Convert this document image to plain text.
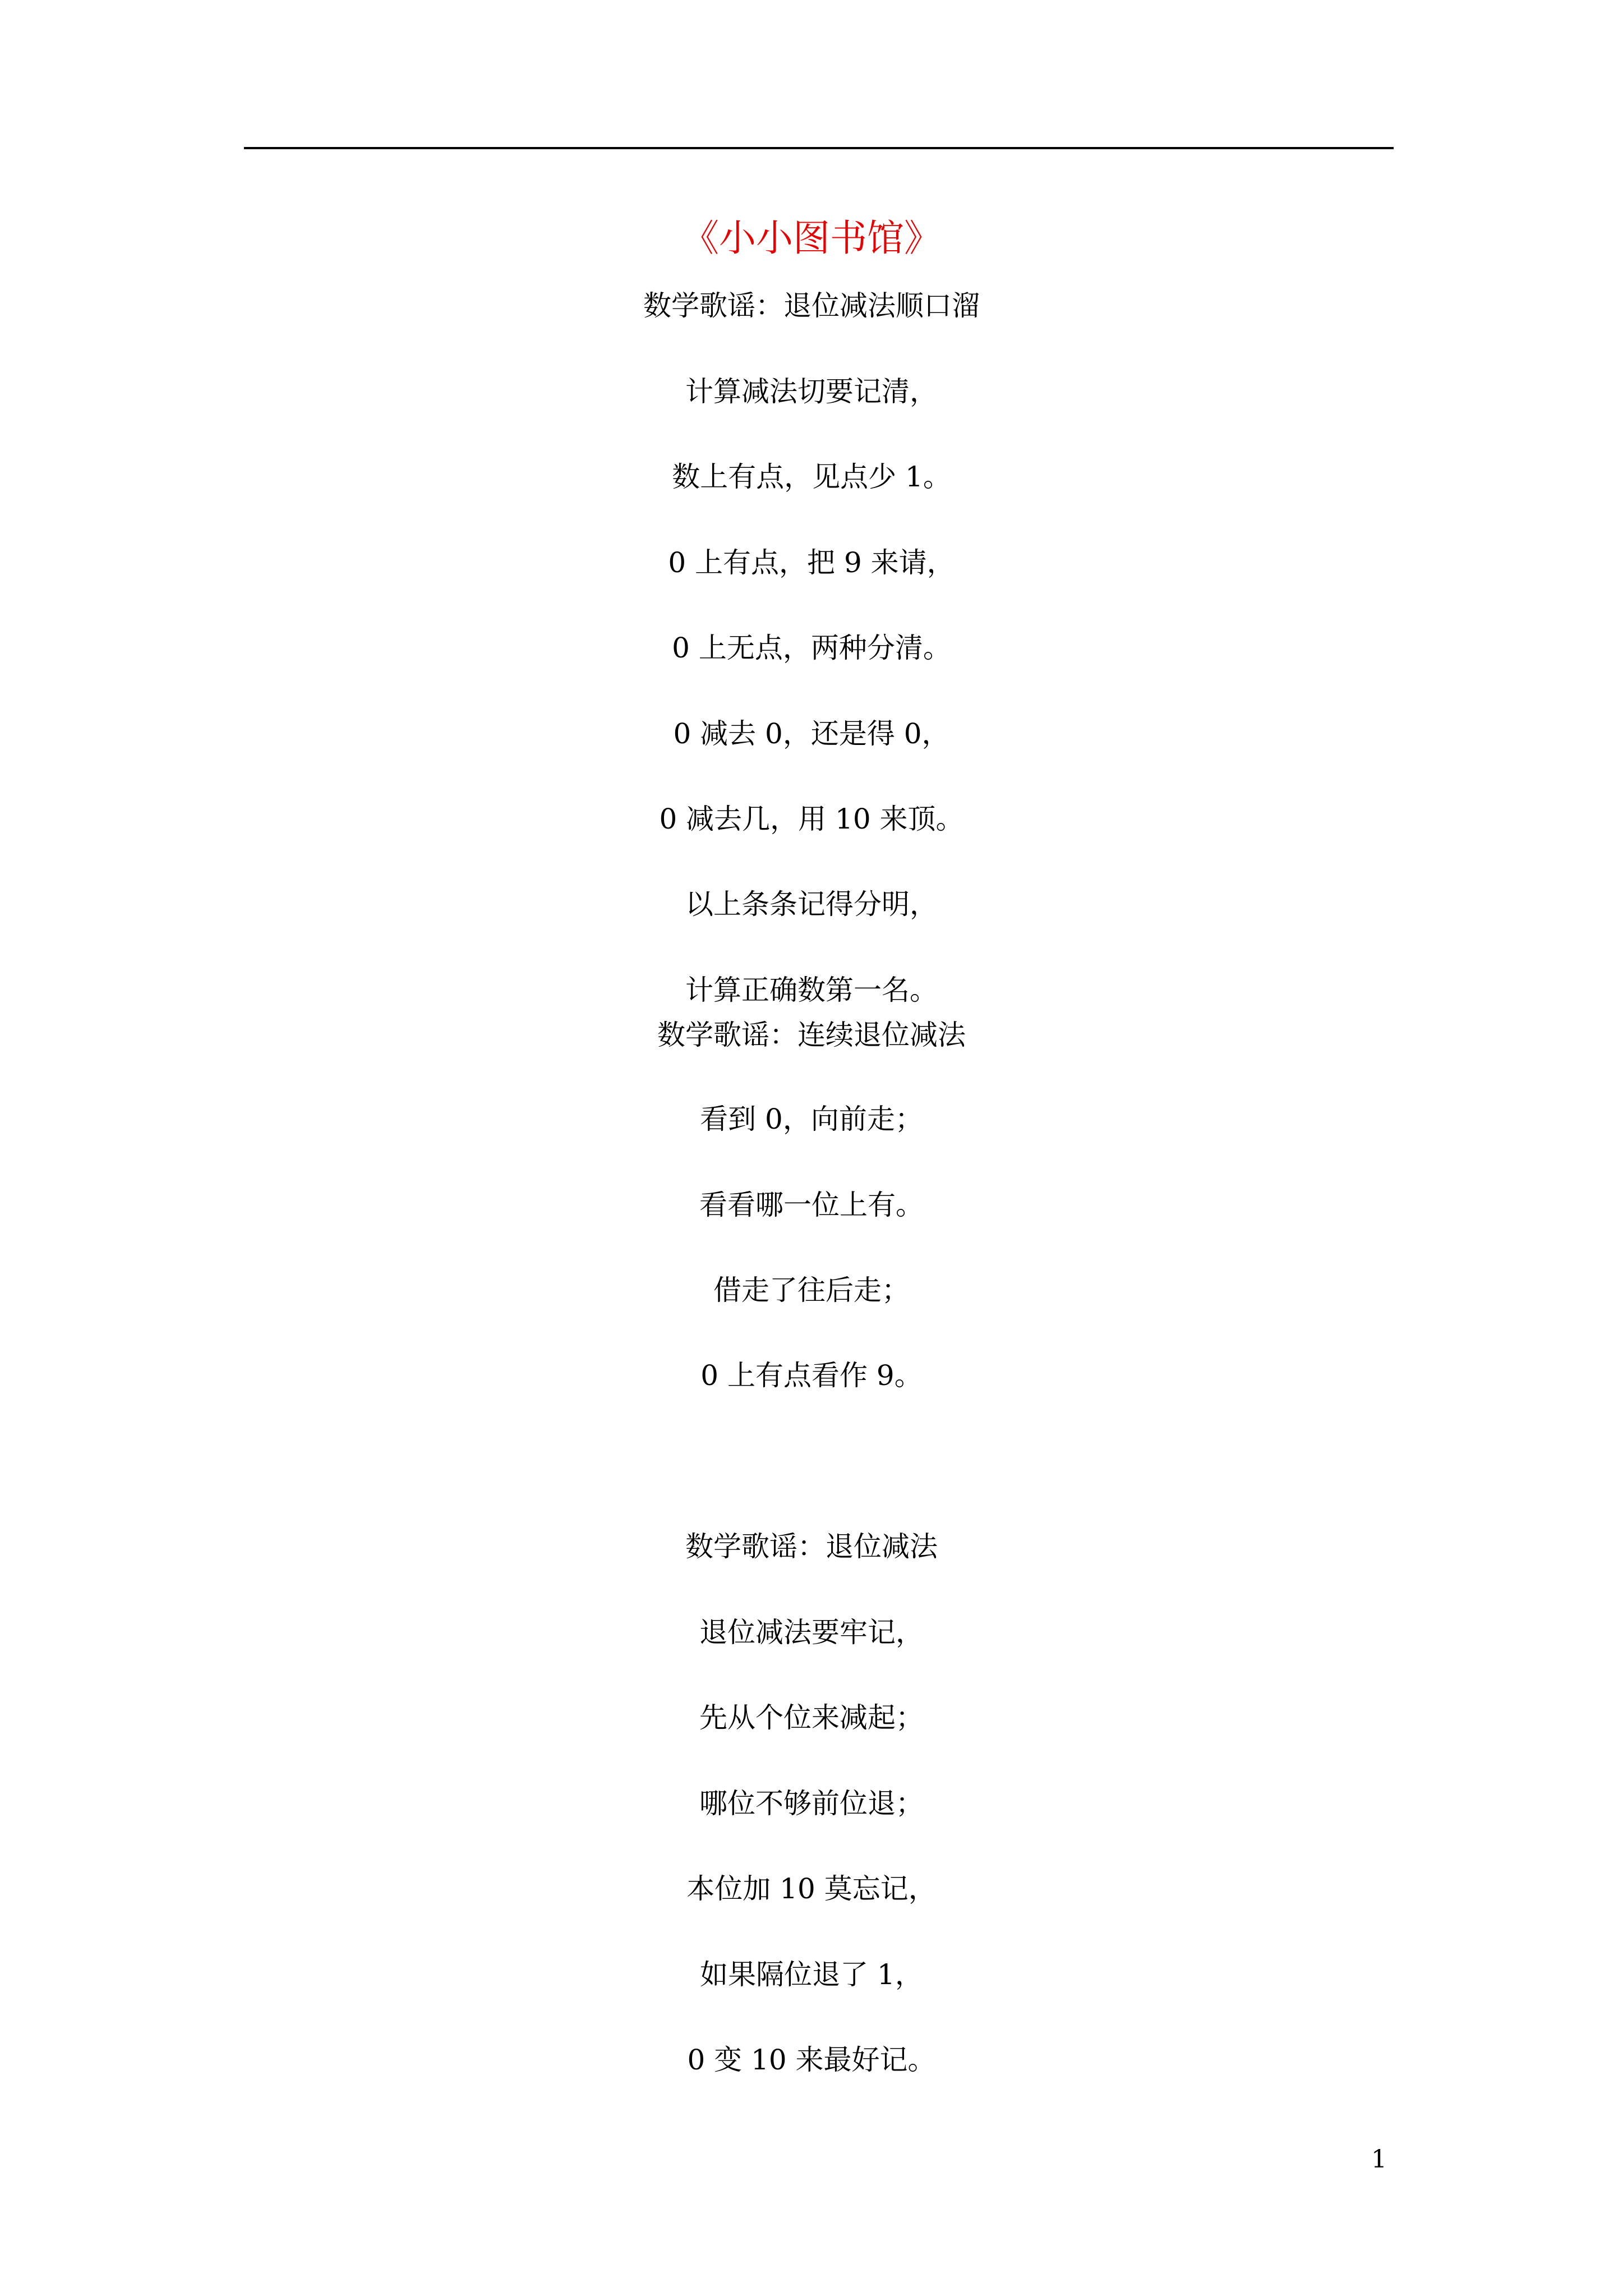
《小小图书馆》
数学歌谣：退位减法顺口溜
计算减法切要记清，
数上有点，见点少 1。
0 上有点，把 9 来请，
0 上无点，两种分清。
0 减去 0，还是得 0，
0 减去几，用 10 来顶。
以上条条记得分明，
计算正确数第一名。
数学歌谣：连续退位减法
看到 0，向前走；
看看哪一位上有。
借走了往后走；
0 上有点看作 9。
数学歌谣：退位减法
退位减法要牢记，
先从个位来减起；
哪位不够前位退；
本位加 10 莫忘记，
如果隔位退了 1，
0 变 10 来最好记。
1
